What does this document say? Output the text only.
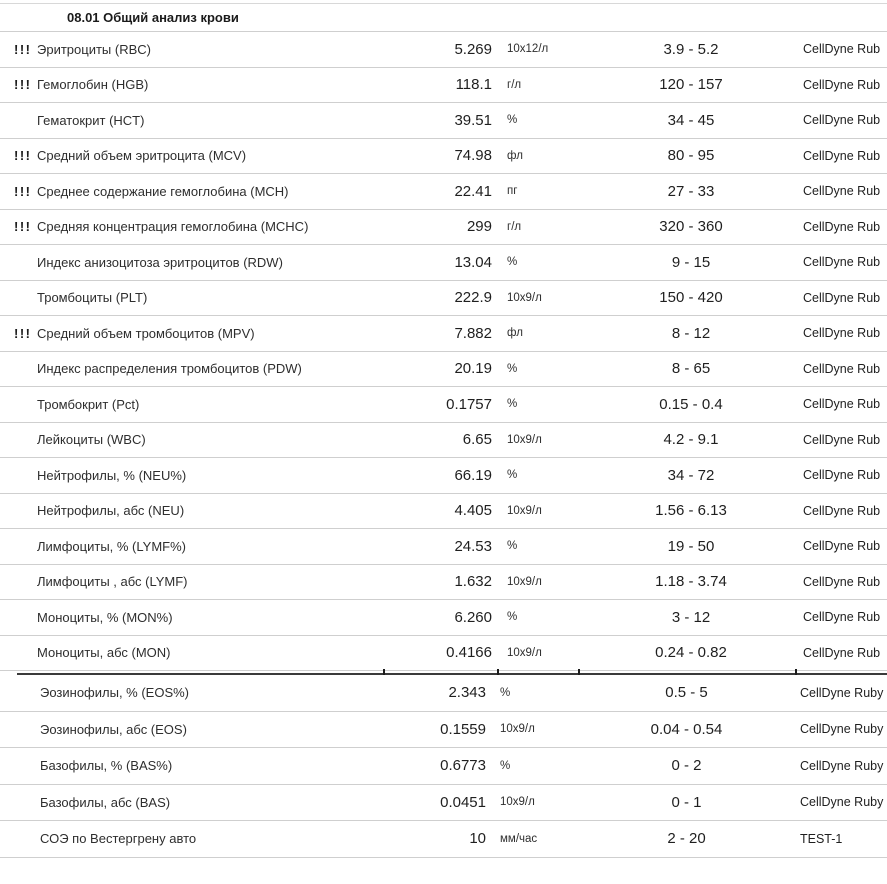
08.01 Общий анализ крови
!!! Эритроциты (RBC)	5.269	10x12/л	3.9 - 5.2	CellDyne Rub
!!! Гемоглобин (HGB)	118.1	г/л	120 - 157	CellDyne Rub
Гематокрит (HCT)	39.51	%	34 - 45	CellDyne Rub
!!! Средний объем эритроцита (MCV)	74.98	фл	80 - 95	CellDyne Rub
!!! Среднее содержание гемоглобина (MCH)	22.41	пг	27 - 33	CellDyne Rub
!!! Средняя концентрация гемоглобина (MCHC)	299	г/л	320 - 360	CellDyne Rub
Индекс анизоцитоза эритроцитов (RDW)	13.04	%	9 - 15	CellDyne Rub
Тромбоциты (PLT)	222.9	10x9/л	150 - 420	CellDyne Rub
!!! Средний объем тромбоцитов (MPV)	7.882	фл	8 - 12	CellDyne Rub
Индекс распределения тромбоцитов (PDW)	20.19	%	8 - 65	CellDyne Rub
Тромбокрит (Pct)	0.1757	%	0.15 - 0.4	CellDyne Rub
Лейкоциты (WBC)	6.65	10x9/л	4.2 - 9.1	CellDyne Rub
Нейтрофилы, % (NEU%)	66.19	%	34 - 72	CellDyne Rub
Нейтрофилы, абс (NEU)	4.405	10x9/л	1.56 - 6.13	CellDyne Rub
Лимфоциты, % (LYMF%)	24.53	%	19 - 50	CellDyne Rub
Лимфоциты , абс (LYMF)	1.632	10x9/л	1.18 - 3.74	CellDyne Rub
Моноциты, % (MON%)	6.260	%	3 - 12	CellDyne Rub
Моноциты, абс (MON)	0.4166	10x9/л	0.24 - 0.82	CellDyne Rub
Эозинофилы, % (EOS%)	2.343	%	0.5 - 5	CellDyne Ruby
Эозинофилы, абс (EOS)	0.1559	10x9/л	0.04 - 0.54	CellDyne Ruby
Базофилы, % (BAS%)	0.6773	%	0 - 2	CellDyne Ruby
Базофилы, абс (BAS)	0.0451	10x9/л	0 - 1	CellDyne Ruby
СОЭ по Вестергрену авто	10	мм/час	2 - 20	TEST-1
